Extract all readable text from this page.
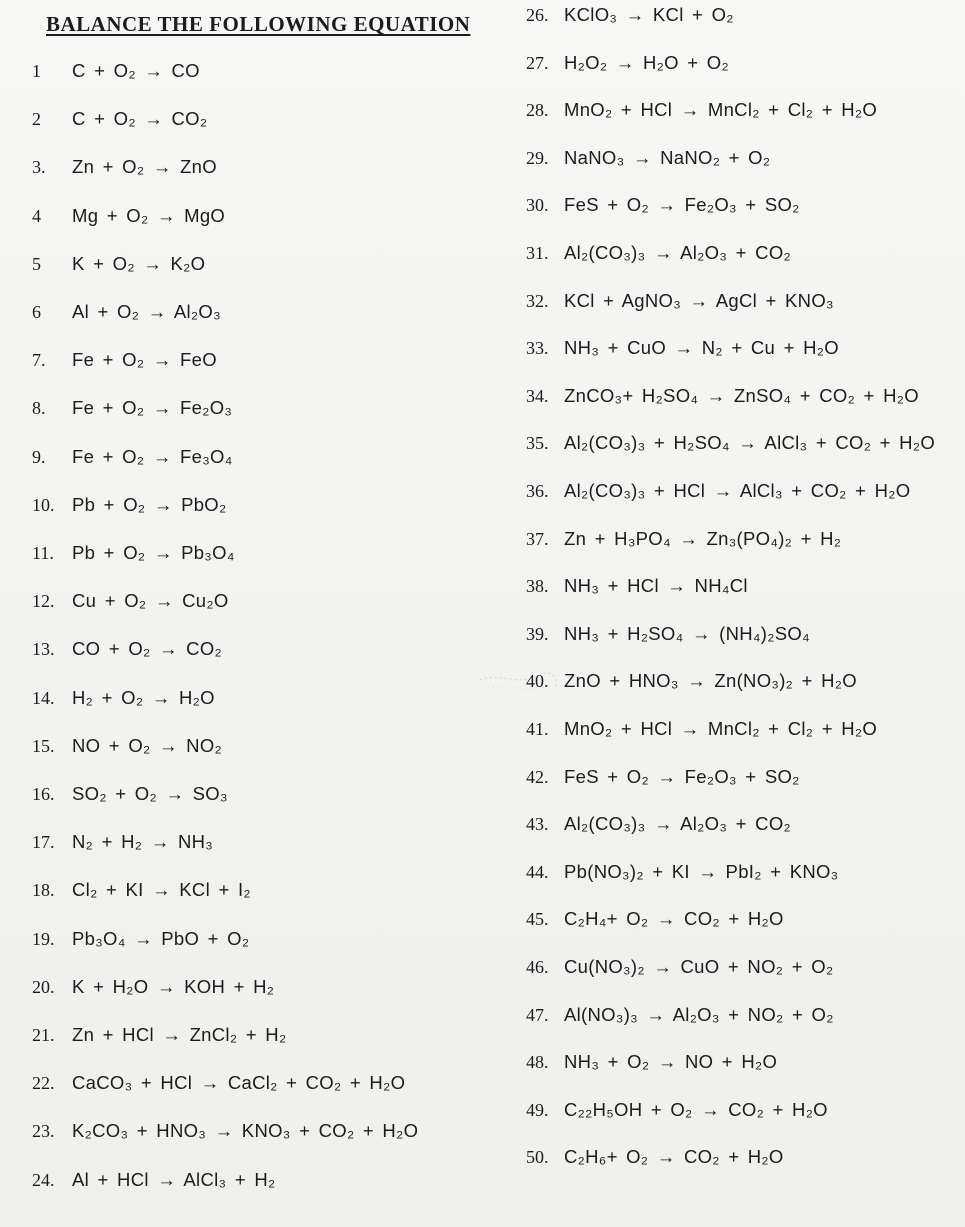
BALANCE THE FOLLOWING EQUATION
1 C + O₂ → CO
2 C + O₂ → CO₂
3. Zn + O₂ → ZnO
4 Mg + O₂ → MgO
5 K + O₂ → K₂O
6 Al + O₂ → Al₂O₃
7. Fe + O₂ → FeO
8. Fe + O₂ → Fe₂O₃
9. Fe + O₂ → Fe₃O₄
10. Pb + O₂ → PbO₂
11. Pb + O₂ → Pb₃O₄
12. Cu + O₂ → Cu₂O
13. CO + O₂ → CO₂
14. H₂ + O₂ → H₂O
15. NO + O₂ → NO₂
16. SO₂ + O₂ → SO₃
17. N₂ + H₂ → NH₃
18. Cl₂ + KI → KCl + I₂
19. Pb₃O₄ → PbO + O₂
20. K + H₂O → KOH + H₂
21. Zn + HCl → ZnCl₂ + H₂
22. CaCO₃ + HCl → CaCl₂ + CO₂ + H₂O
23. K₂CO₃ + HNO₃ → KNO₃ + CO₂ + H₂O
24. Al + HCl → AlCl₃ + H₂
26. KClO₃ → KCl + O₂
27. H₂O₂ → H₂O + O₂
28. MnO₂ + HCl → MnCl₂ + Cl₂ + H₂O
29. NaNO₃ → NaNO₂ + O₂
30. FeS + O₂ → Fe₂O₃ + SO₂
31. Al₂(CO₃)₃ → Al₂O₃ + CO₂
32. KCl + AgNO₃ → AgCl + KNO₃
33. NH₃ + CuO → N₂ + Cu + H₂O
34. ZnCO₃+ H₂SO₄ → ZnSO₄ + CO₂ + H₂O
35. Al₂(CO₃)₃ + H₂SO₄ → AlCl₃ + CO₂ + H₂O
36. Al₂(CO₃)₃ + HCl → AlCl₃ + CO₂ + H₂O
37. Zn + H₃PO₄ → Zn₃(PO₄)₂ + H₂
38. NH₃ + HCl → NH₄Cl
39. NH₃ + H₂SO₄ → (NH₄)₂SO₄
40. ZnO + HNO₃ → Zn(NO₃)₂ + H₂O
41. MnO₂ + HCl → MnCl₂ + Cl₂ + H₂O
42. FeS + O₂ → Fe₂O₃ + SO₂
43. Al₂(CO₃)₃ → Al₂O₃ + CO₂
44. Pb(NO₃)₂ + KI → PbI₂ + KNO₃
45. C₂H₄+ O₂ → CO₂ + H₂O
46. Cu(NO₃)₂ → CuO + NO₂ + O₂
47. Al(NO₃)₃ → Al₂O₃ + NO₂ + O₂
48. NH₃ + O₂ → NO + H₂O
49. C₂₂H₅OH + O₂ → CO₂ + H₂O
50. C₂H₆+ O₂ → CO₂ + H₂O
